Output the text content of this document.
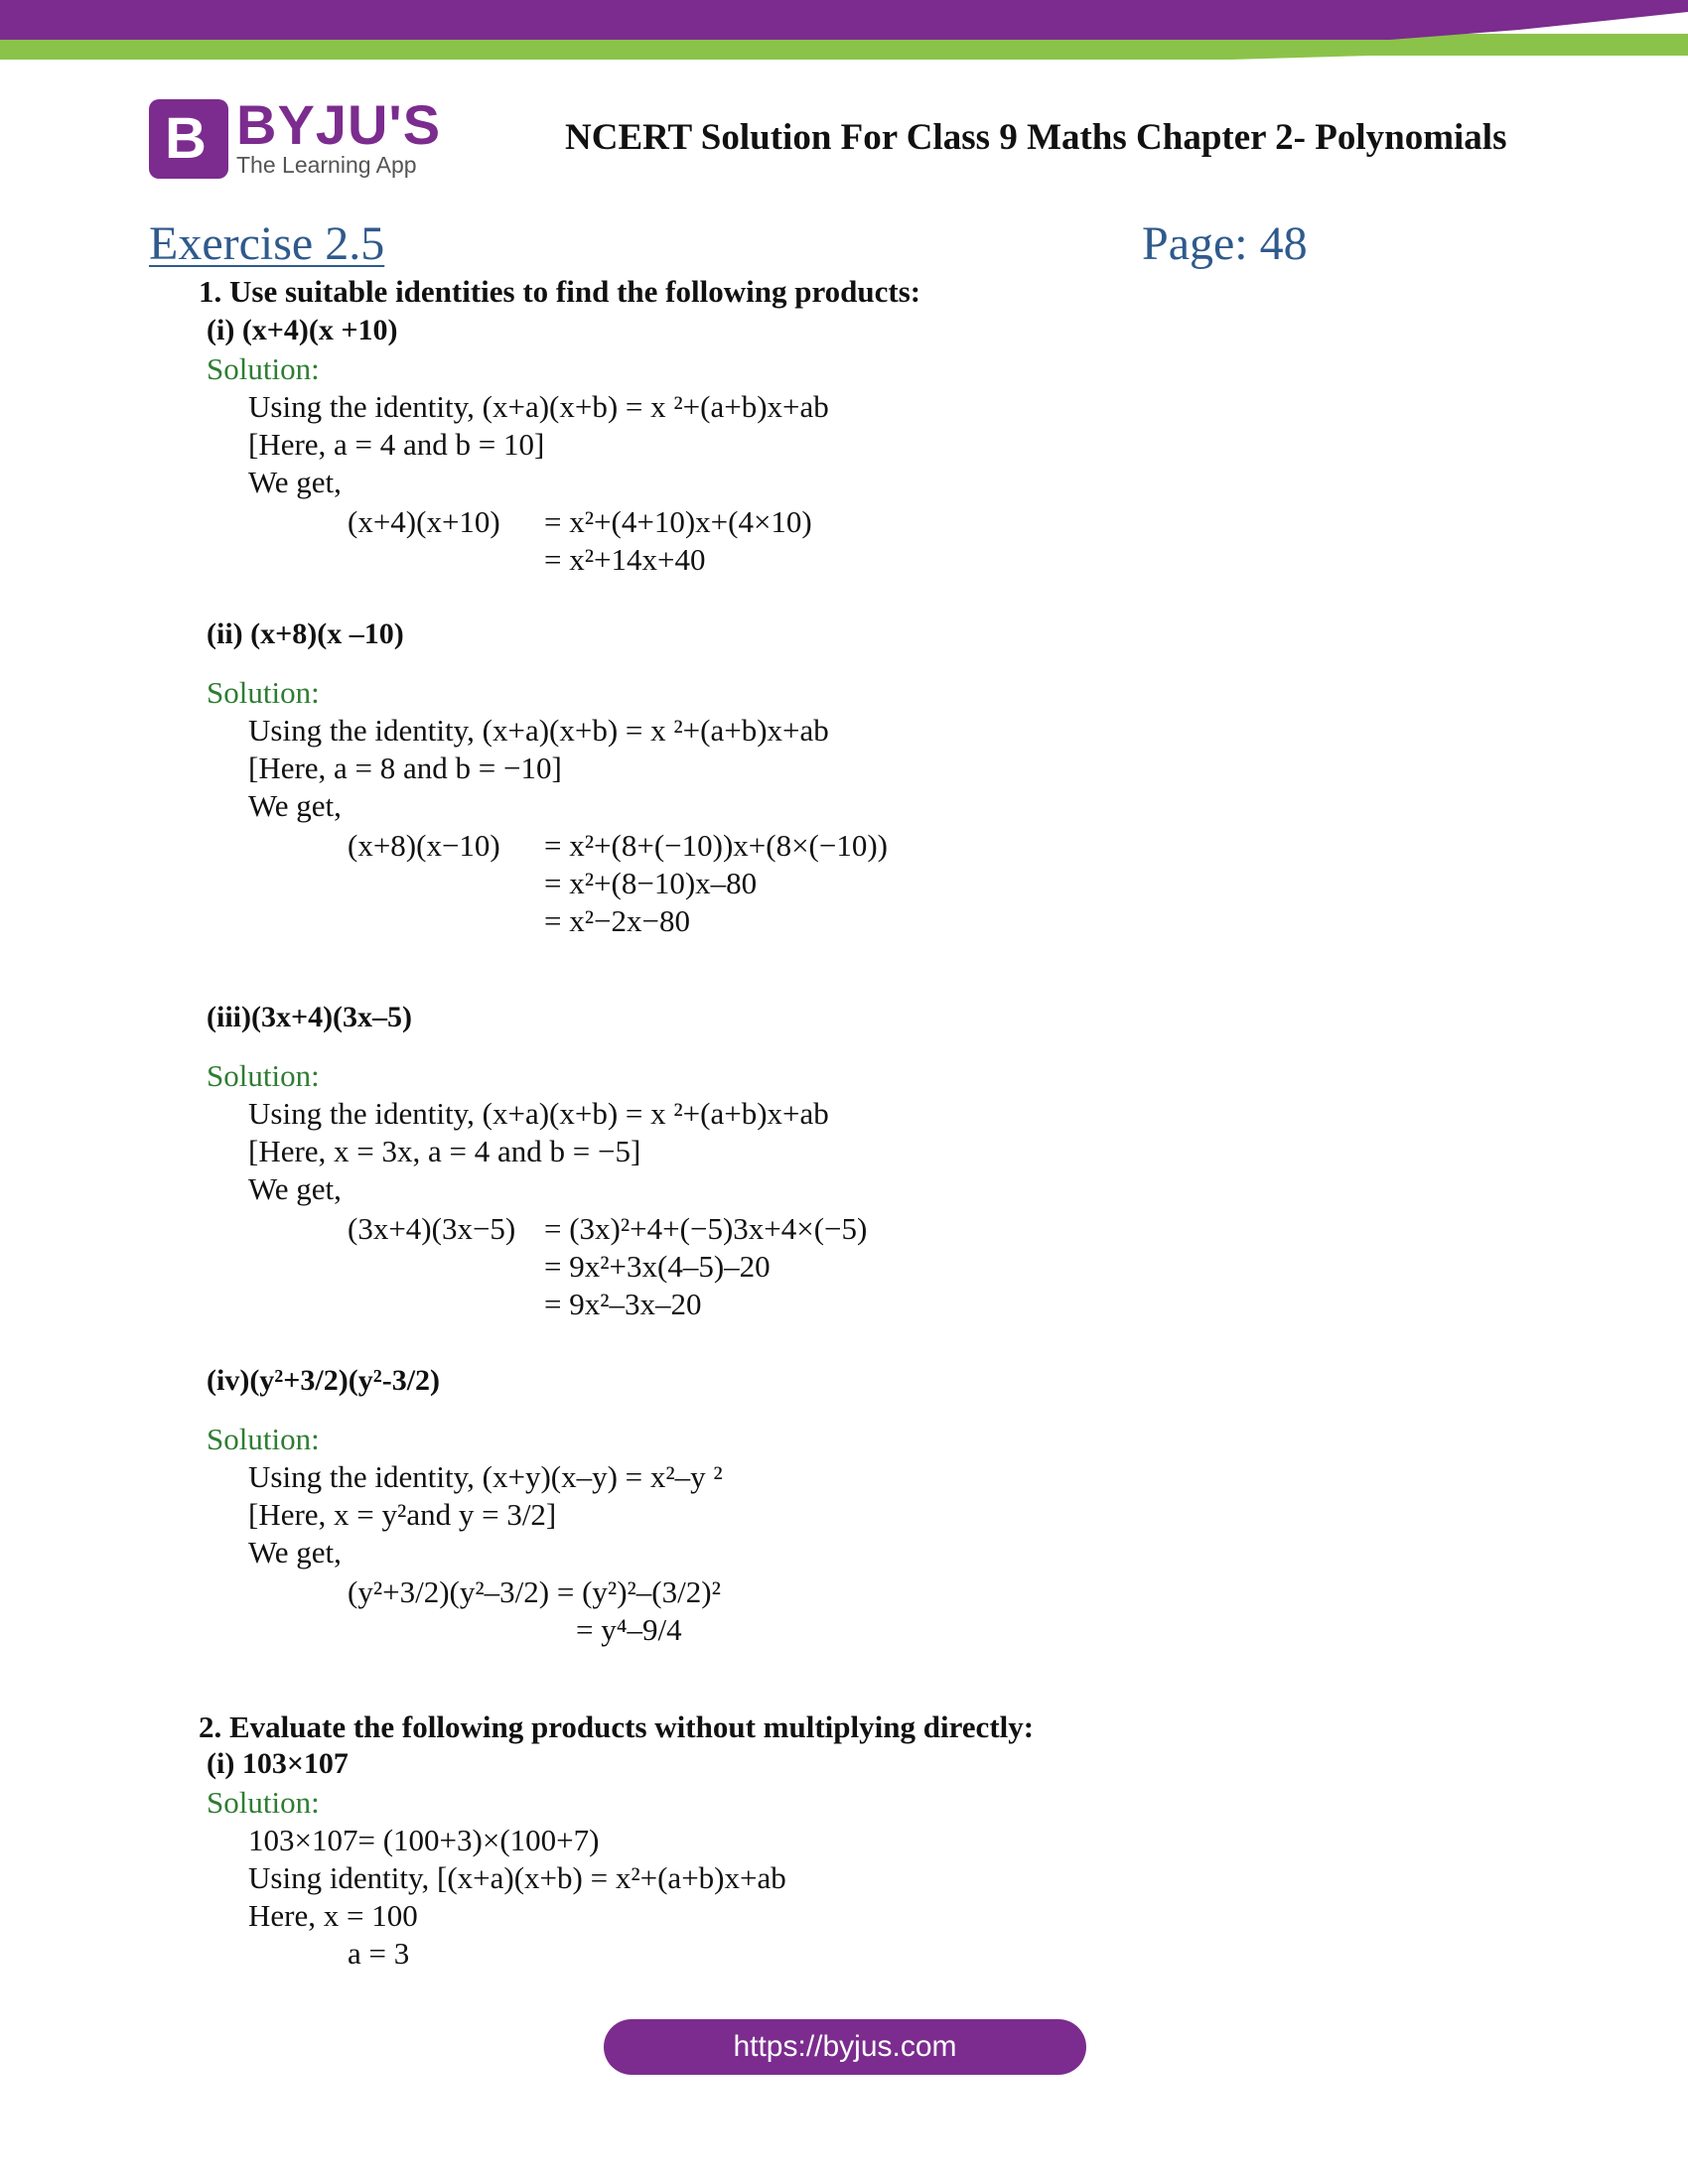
B BYJU'S
The Learning App
NCERT Solution For Class 9 Maths Chapter 2- Polynomials
Exercise 2.5	Page: 48
1. Use suitable identities to find the following products:
(i) (x+4)(x +10)
Solution:
Using the identity, (x+a)(x+b) = x ²+(a+b)x+ab
[Here, a = 4 and b = 10]
We get,
(x+4)(x+10) = x²+(4+10)x+(4×10)
= x²+14x+40
(ii) (x+8)(x –10)
Solution:
Using the identity, (x+a)(x+b) = x ²+(a+b)x+ab
[Here, a = 8 and b = −10]
We get,
(x+8)(x−10) = x²+(8+(−10))x+(8×(−10))
= x²+(8−10)x–80
= x²−2x−80
(iii)(3x+4)(3x–5)
Solution:
Using the identity, (x+a)(x+b) = x ²+(a+b)x+ab
[Here, x = 3x, a = 4 and b = −5]
We get,
(3x+4)(3x−5) = (3x)²+4+(−5)3x+4×(−5)
= 9x²+3x(4–5)–20
= 9x²–3x–20
(iv)(y²+3/2)(y²-3/2)
Solution:
Using the identity, (x+y)(x–y) = x²–y ²
[Here, x = y²and y = 3/2]
We get,
(y²+3/2)(y²–3/2) = (y²)²–(3/2)²
= y⁴–9/4
2. Evaluate the following products without multiplying directly:
(i) 103×107
Solution:
103×107= (100+3)×(100+7)
Using identity, [(x+a)(x+b) = x²+(a+b)x+ab
Here, x = 100
a = 3
https://byjus.com
